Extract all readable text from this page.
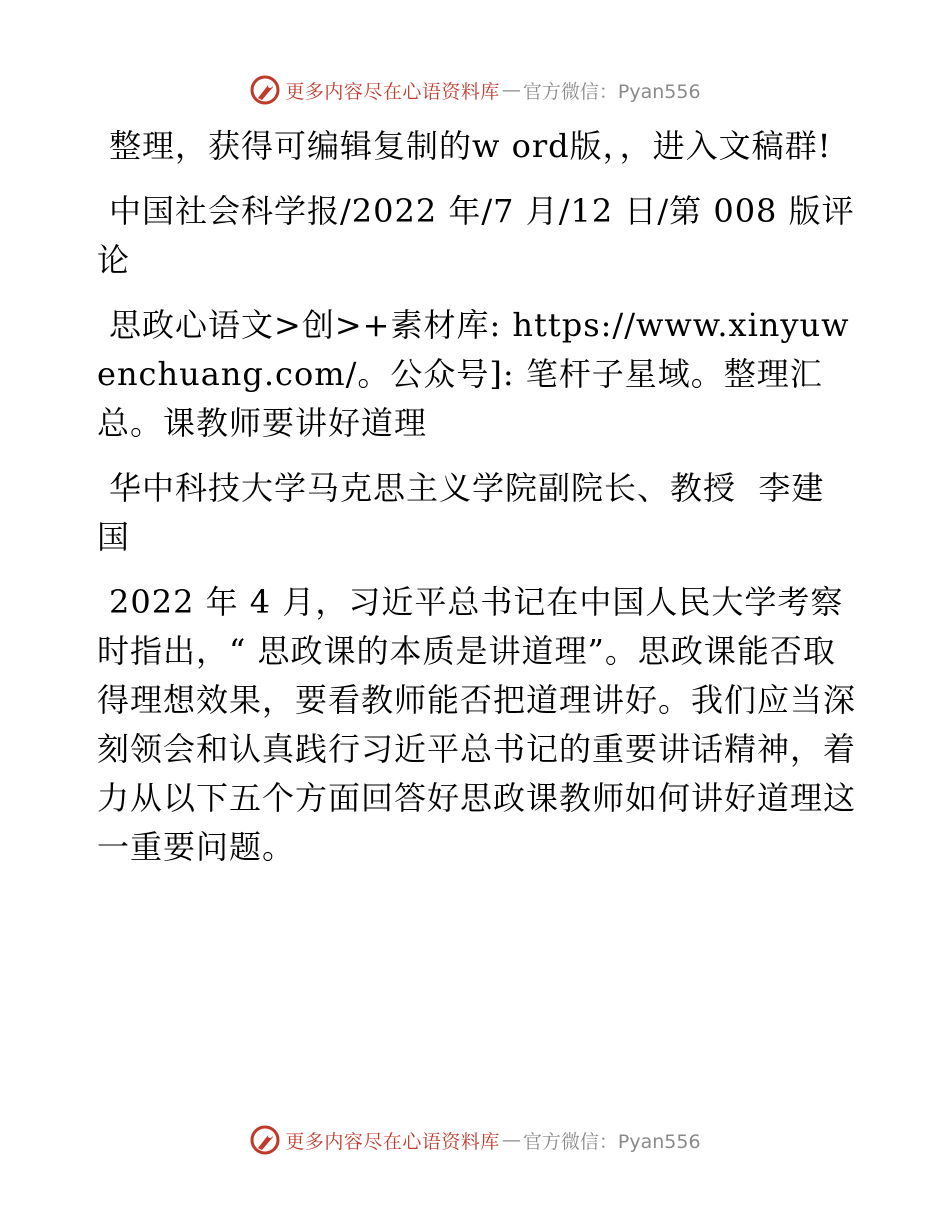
更多内容尽在心语资料库 — 官方微信：Pyan556

整理，获得可编辑复制的w ord版，，进入文稿群!

中国社会科学报/2022 年/7 月/12 日/第 008 版评论

思政心语文>创>+素材库: https://www.xinyuwenchuang.com/。公众号]: 笔杆子星域。整理汇总。课教师要讲好道理

华中科技大学马克思主义学院副院长、教授  李建国

2022 年 4 月，习近平总书记在中国人民大学考察时指出，“ 思政课的本质是讲道理”。思政课能否取得理想效果，要看教师能否把道理讲好。我们应当深刻领会和认真践行习近平总书记的重要讲话精神，着力从以下五个方面回答好思政课教师如何讲好道理这一重要问题。

更多内容尽在心语资料库 — 官方微信：Pyan556
